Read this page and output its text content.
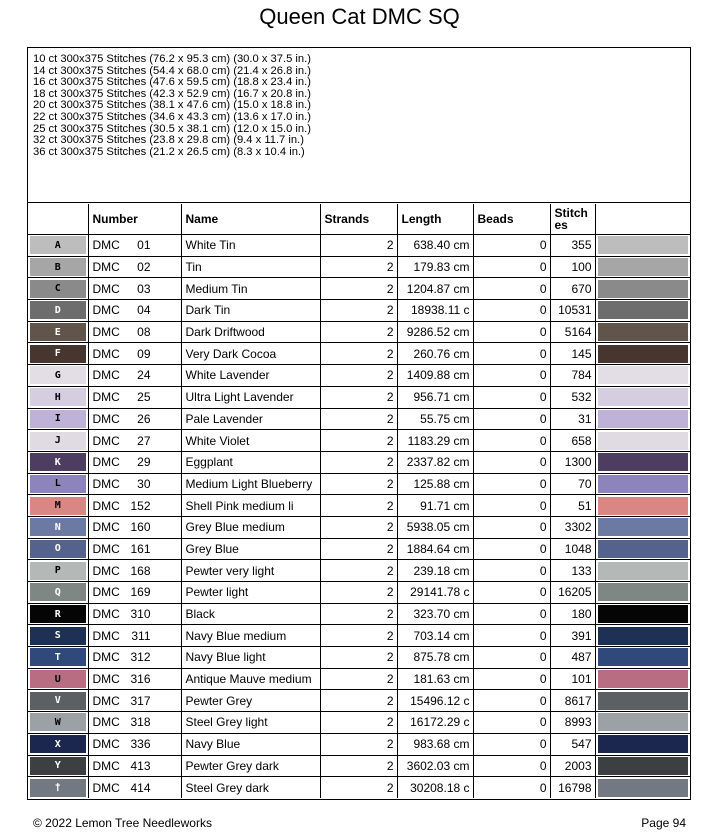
Queen Cat DMC SQ
10 ct 300x375 Stitches (76.2 x 95.3 cm) (30.0 x 37.5 in.)
14 ct 300x375 Stitches (54.4 x 68.0 cm) (21.4 x 26.8 in.)
16 ct 300x375 Stitches (47.6 x 59.5 cm) (18.8 x 23.4 in.)
18 ct 300x375 Stitches (42.3 x 52.9 cm) (16.7 x 20.8 in.)
20 ct 300x375 Stitches (38.1 x 47.6 cm) (15.0 x 18.8 in.)
22 ct 300x375 Stitches (34.6 x 43.3 cm) (13.6 x 17.0 in.)
25 ct 300x375 Stitches (30.5 x 38.1 cm) (12.0 x 15.0 in.)
32 ct 300x375 Stitches (23.8 x 29.8 cm) (9.4 x 11.7 in.)
36 ct 300x375 Stitches (21.2 x 26.5 cm) (8.3 x 10.4 in.)
	Number	Name	Strands	Length	Beads	Stitch
es	

A	DMC 01	White Tin	2	638.40 cm	0	355	

B	DMC 02	Tin	2	179.83 cm	0	100	

C	DMC 03	Medium Tin	2	1204.87 cm	0	670	

D	DMC 04	Dark Tin	2	18938.11 c	0	10531	

E	DMC 08	Dark Driftwood	2	9286.52 cm	0	5164	

F	DMC 09	Very Dark Cocoa	2	260.76 cm	0	145	

G	DMC 24	White Lavender	2	1409.88 cm	0	784	

H	DMC 25	Ultra Light Lavender	2	956.71 cm	0	532	

I	DMC 26	Pale Lavender	2	55.75 cm	0	31	

J	DMC 27	White Violet	2	1183.29 cm	0	658	

K	DMC 29	Eggplant	2	2337.82 cm	0	1300	

L	DMC 30	Medium Light Blueberry	2	125.88 cm	0	70	

M	DMC 152	Shell Pink medium li	2	91.71 cm	0	51	

N	DMC 160	Grey Blue medium	2	5938.05 cm	0	3302	

O	DMC 161	Grey Blue	2	1884.64 cm	0	1048	

P	DMC 168	Pewter very light	2	239.18 cm	0	133	

Q	DMC 169	Pewter light	2	29141.78 c	0	16205	

R	DMC 310	Black	2	323.70 cm	0	180	

S	DMC 311	Navy Blue medium	2	703.14 cm	0	391	

T	DMC 312	Navy Blue light	2	875.78 cm	0	487	

U	DMC 316	Antique Mauve medium	2	181.63 cm	0	101	

V	DMC 317	Pewter Grey	2	15496.12 c	0	8617	

W	DMC 318	Steel Grey light	2	16172.29 c	0	8993	

X	DMC 336	Navy Blue	2	983.68 cm	0	547	

Y	DMC 413	Pewter Grey dark	2	3602.03 cm	0	2003	

†	DMC 414	Steel Grey dark	2	30208.18 c	0	16798	
© 2022 Lemon Tree Needleworks	Page 94
